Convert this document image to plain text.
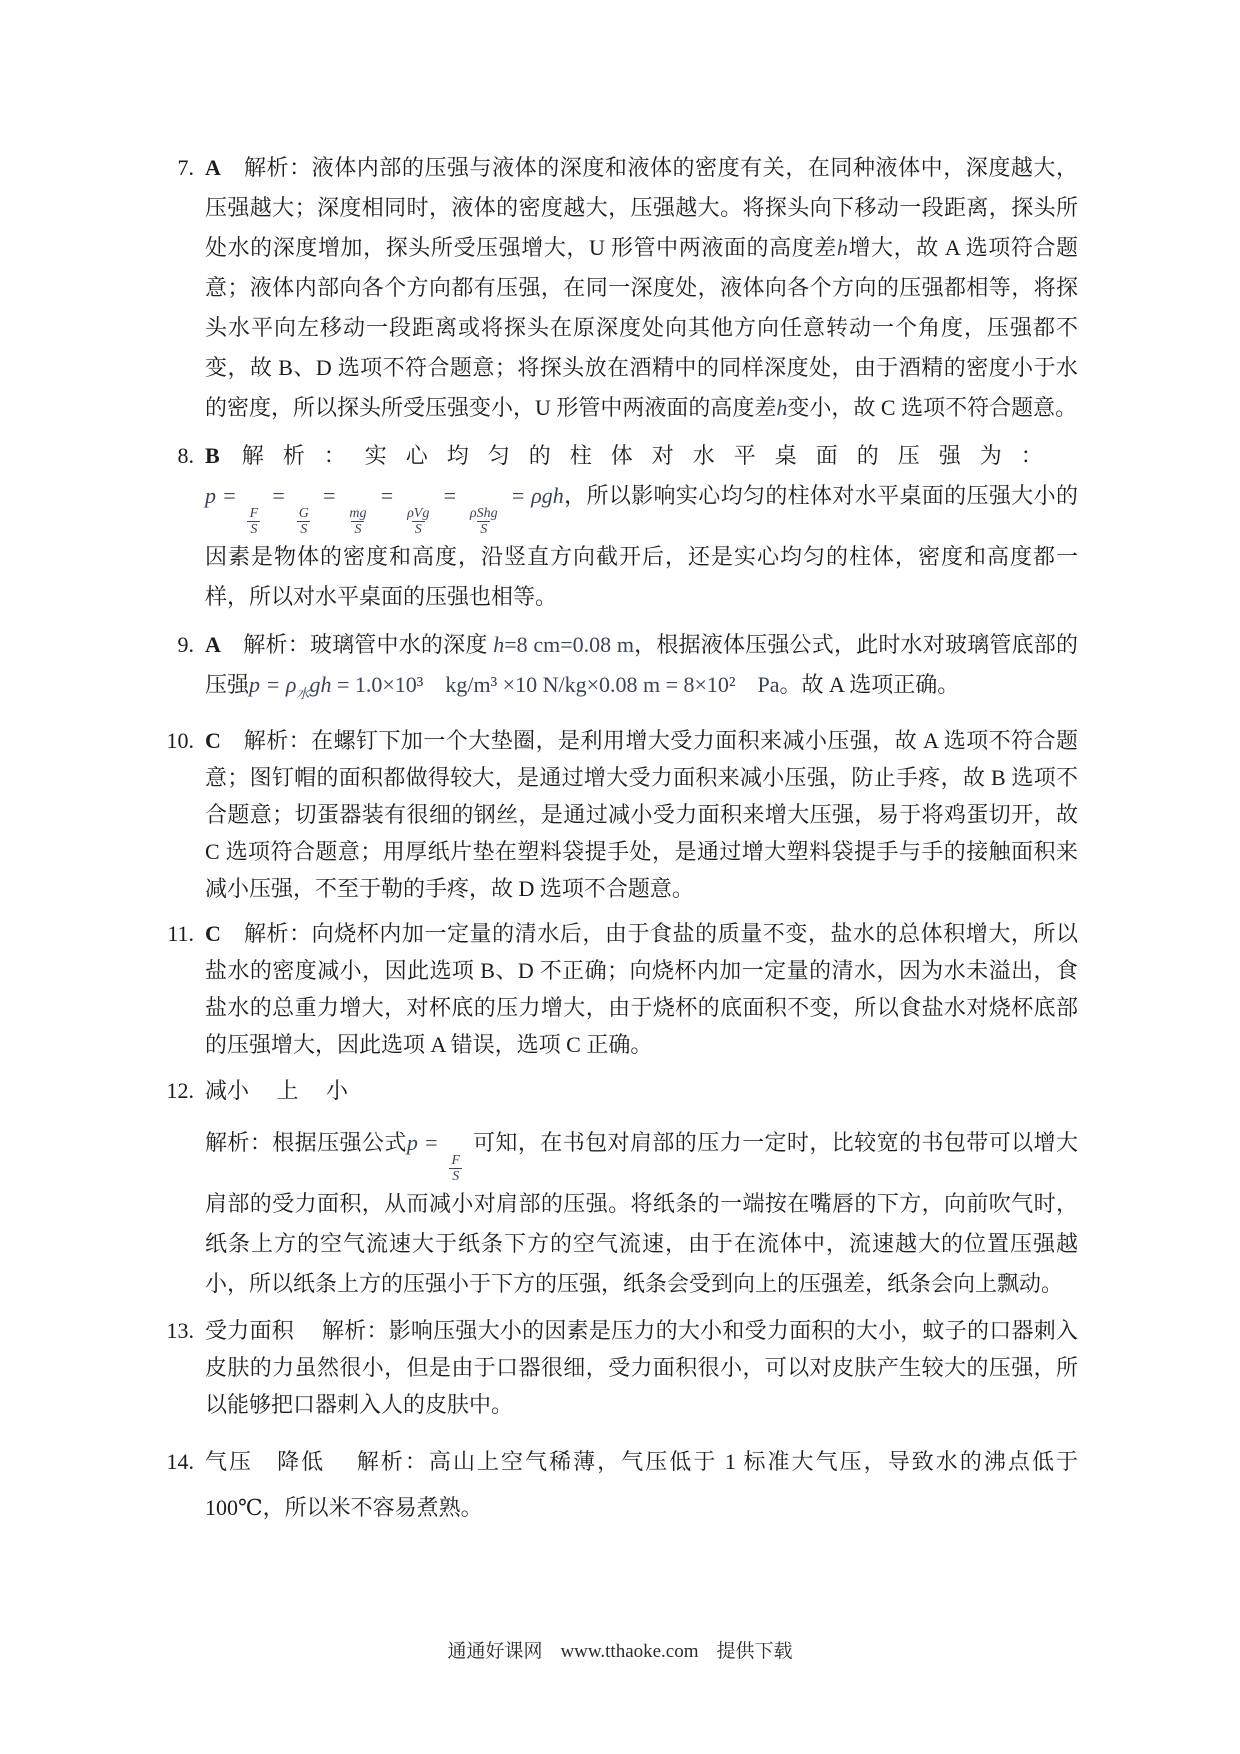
7. A　解析：液体内部的压强与液体的深度和液体的密度有关，在同种液体中，深度越大，压强越大；深度相同时，液体的密度越大，压强越大。将探头向下移动一段距离，探头所处水的深度增加，探头所受压强增大，U 形管中两液面的高度差h增大，故 A 选项符合题意；液体内部向各个方向都有压强，在同一深度处，液体向各个方向的压强都相等，将探头水平向左移动一段距离或将探头在原深度处向其他方向任意转动一个角度，压强都不变，故 B、D 选项不符合题意；将探头放在酒精中的同样深度处，由于酒精的密度小于水的密度，所以探头所受压强变小，U 形管中两液面的高度差h变小，故 C 选项不符合题意。
8. B　 解析：实心均匀的柱体对水平桌面的压强为：
p =
$\frac{F}{S}$
=
$\frac{G}{S}$
=
$\frac{mg}{S}$
=
$\frac{\text{ρVg}}{S}$
=
$\frac{\text{ρShg}}{S}$
= ρgh，所以影响实心均匀的柱体对水平桌面的压强大小的因素是物体的密度和高度，沿竖直方向截开后，还是实心均匀的柱体，密度和高度都一样，所以对水平桌面的压强也相等。
9. A　解析：玻璃管中水的深度 h=8 cm=0.08 m，根据液体压强公式，此时水对玻璃管底部的压强$p = \rho_水gh = 1.0\times 10^3$　kg/m³ ×10 N/kg×0.08 m = 8×10²　Pa。故 A 选项正确。
10. C　解析：在螺钉下加一个大垫圈，是利用增大受力面积来减小压强，故 A 选项不符合题意；图钉帽的面积都做得较大，是通过增大受力面积来减小压强，防止手疼，故 B 选项不合题意；切蛋器装有很细的钢丝，是通过减小受力面积来增大压强，易于将鸡蛋切开，故 C 选项符合题意；用厚纸片垫在塑料袋提手处，是通过增大塑料袋提手与手的接触面积来减小压强，不至于勒的手疼，故 D 选项不合题意。
11. C　解析：向烧杯内加一定量的清水后，由于食盐的质量不变，盐水的总体积增大，所以盐水的密度减小，因此选项 B、D 不正确；向烧杯内加一定量的清水，因为水未溢出，食盐水的总重力增大，对杯底的压力增大，由于烧杯的底面积不变，所以食盐水对烧杯底部的压强增大，因此选项 A 错误，选项 C 正确。
12. 减小　 上　 小

解析：根据压强公式p =
$\frac{F}{S}$
可知，在书包对肩部的压力一定时，比较宽的书包带可以增大肩部的受力面积，从而减小对肩部的压强。将纸条的一端按在嘴唇的下方，向前吹气时，纸条上方的空气流速大于纸条下方的空气流速，由于在流体中，流速越大的位置压强越小，所以纸条上方的压强小于下方的压强，纸条会受到向上的压强差，纸条会向上飘动。
13. 受力面积　 解析：影响压强大小的因素是压力的大小和受力面积的大小，蚊子的口器刺入皮肤的力虽然很小，但是由于口器很细，受力面积很小，可以对皮肤产生较大的压强，所以能够把口器刺入人的皮肤中。
14. 气压　降低　 解析：高山上空气稀薄，气压低于 1 标准大气压，导致水的沸点低于 100℃，所以米不容易煮熟。
通通好课网 www.tthaoke.com 提供下载
